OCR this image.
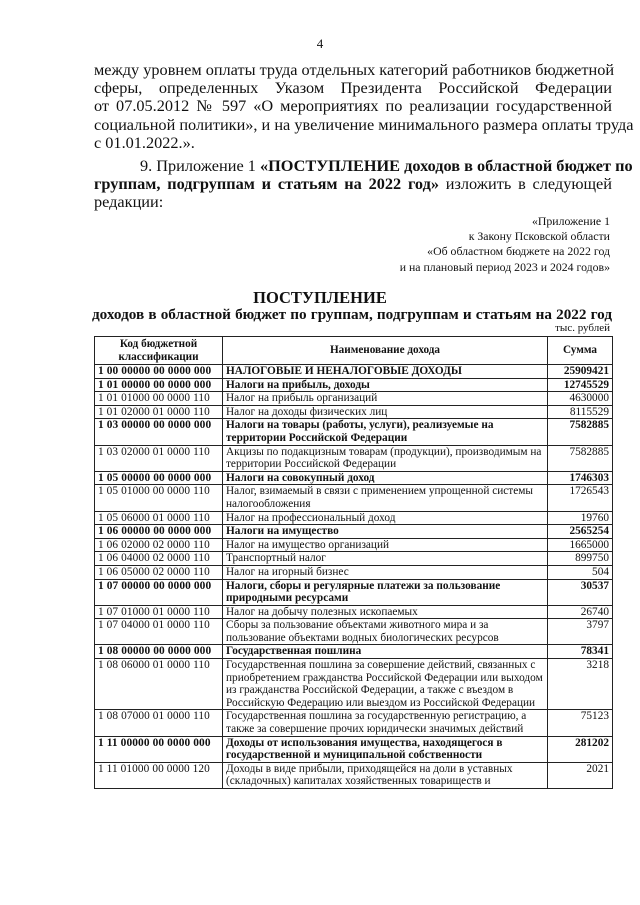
4
между уровнем оплаты труда отдельных категорий работников бюджетной
сферы, определенных Указом Президента Российской Федерации
от 07.05.2012 № 597 «О мероприятиях по реализации государственной
социальной политики», и на увеличение минимального размера оплаты труда
с 01.01.2022.».
9. Приложение 1 «ПОСТУПЛЕНИЕ доходов в областной бюджет по
группам, подгруппам и статьям на 2022 год» изложить в следующей
редакции:
«Приложение 1
к Закону Псковской области
«Об областном бюджете на 2022 год
и на плановый период 2023 и 2024 годов»
ПОСТУПЛЕНИЕ
доходов в областной бюджет по группам, подгруппам и статьям на 2022 год
тыс. рублей
Код бюджетной классификации	Наименование дохода	Сумма
1 00 00000 00 0000 000	НАЛОГОВЫЕ И НЕНАЛОГОВЫЕ ДОХОДЫ	25909421
1 01 00000 00 0000 000	Налоги на прибыль, доходы	12745529
1 01 01000 00 0000 110	Налог на прибыль организаций	4630000
1 01 02000 01 0000 110	Налог на доходы физических лиц	8115529
1 03 00000 00 0000 000	Налоги на товары (работы, услуги), реализуемые на территории Российской Федерации	7582885
1 03 02000 01 0000 110	Акцизы по подакцизным товарам (продукции), производимым на территории Российской Федерации	7582885
1 05 00000 00 0000 000	Налоги на совокупный доход	1746303
1 05 01000 00 0000 110	Налог, взимаемый в связи с применением упрощенной системы налогообложения	1726543
1 05 06000 01 0000 110	Налог на профессиональный доход	19760
1 06 00000 00 0000 000	Налоги на имущество	2565254
1 06 02000 02 0000 110	Налог на имущество организаций	1665000
1 06 04000 02 0000 110	Транспортный налог	899750
1 06 05000 02 0000 110	Налог на игорный бизнес	504
1 07 00000 00 0000 000	Налоги, сборы и регулярные платежи за пользование природными ресурсами	30537
1 07 01000 01 0000 110	Налог на добычу полезных ископаемых	26740
1 07 04000 01 0000 110	Сборы за пользование объектами животного мира и за пользование объектами водных биологических ресурсов	3797
1 08 00000 00 0000 000	Государственная пошлина	78341
1 08 06000 01 0000 110	Государственная пошлина за совершение действий, связанных с приобретением гражданства Российской Федерации или выходом из гражданства Российской Федерации, а также с въездом в Российскую Федерацию или выездом из Российской Федерации	3218
1 08 07000 01 0000 110	Государственная пошлина за государственную регистрацию, а также за совершение прочих юридически значимых действий	75123
1 11 00000 00 0000 000	Доходы от использования имущества, находящегося в государственной и муниципальной собственности	281202
1 11 01000 00 0000 120	Доходы в виде прибыли, приходящейся на доли в уставных (складочных) капиталах хозяйственных товариществ и	2021
